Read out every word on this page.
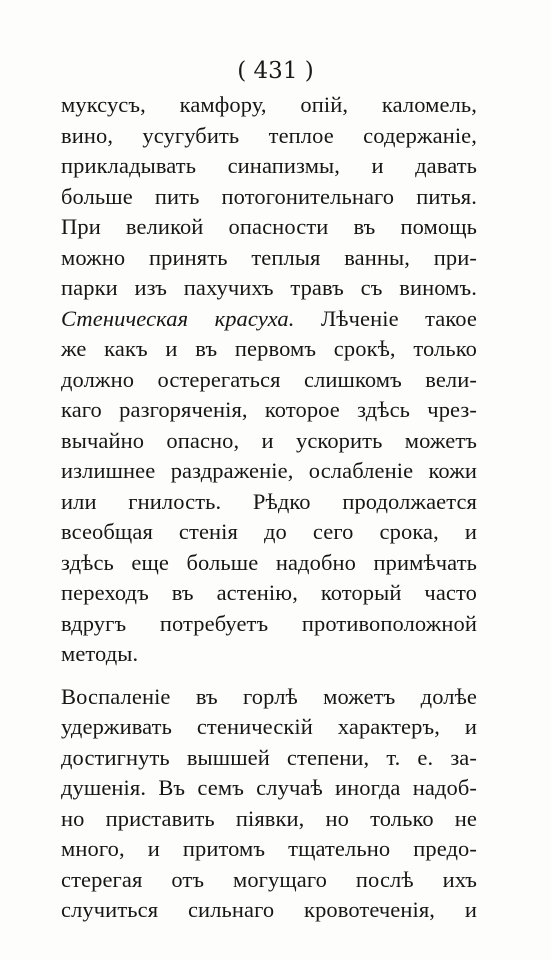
( 431 )
муксусъ, камфору, опій, каломель,
вино, усугубить теплое содержаніе,
прикладывать синапизмы, и давать
больше пить потогонительнаго питья.
При великой опасности въ помощь
можно принять теплыя ванны, при-
парки изъ пахучихъ травъ съ виномъ.
Стеническая красуха. Лѣченіе такое
же какъ и въ первомъ срокѣ, только
должно остерегаться слишкомъ вели-
каго разгоряченія, которое здѣсь чрез-
вычайно опасно, и ускорить можетъ
излишнее раздраженіе, ослабленіе кожи
или гнилость. Рѣдко продолжается
всеобщая стенія до сего срока, и
здѣсь еще больше надобно примѣчать
переходъ въ астенію, который часто
вдругъ потребуетъ противоположной
методы.
Воспаленіе въ горлѣ можетъ долѣе
удерживать стеническій характеръ, и
достигнуть вышшей степени, т. е. за-
душенія. Въ семъ случаѣ иногда надоб-
но приставить піявки, но только не
много, и притомъ тщательно предо-
стерегая отъ могущаго послѣ ихъ
случиться сильнаго кровотеченія, и
